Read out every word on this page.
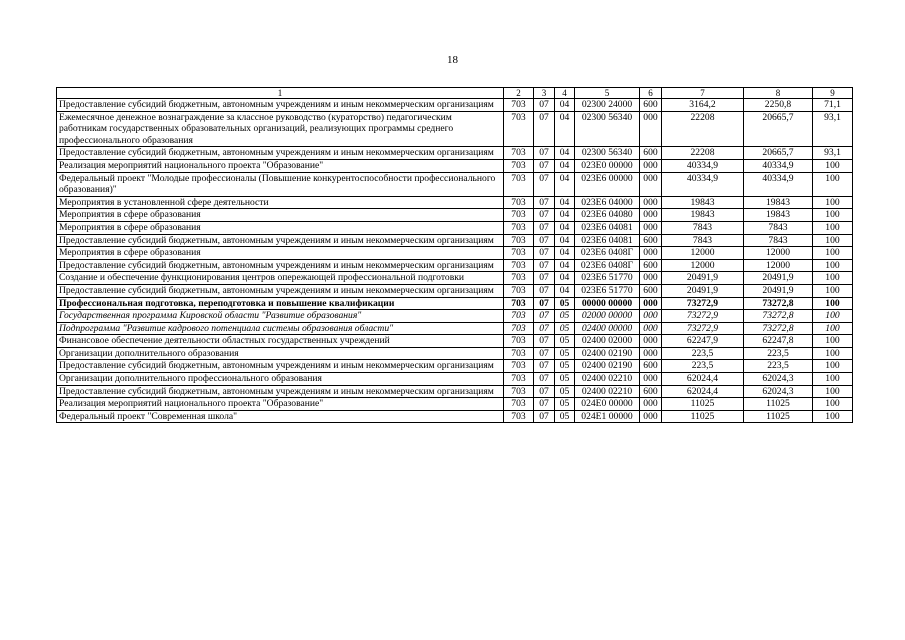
18
1	2	3	4	5	6	7	8	9
Предоставление субсидий бюджетным, автономным учреждениям и иным некоммерческим организациям	703	07	04	02300 24000	600	3164,2	2250,8	71,1
Ежемесячное денежное вознаграждение за классное руководство (кураторство) педагогическим работникам государственных образовательных организаций, реализующих программы среднего профессионального образования	703	07	04	02300 56340	000	22208	20665,7	93,1
Предоставление субсидий бюджетным, автономным учреждениям и иным некоммерческим организациям	703	07	04	02300 56340	600	22208	20665,7	93,1
Реализация мероприятий национального проекта "Образование"	703	07	04	023E0 00000	000	40334,9	40334,9	100
Федеральный проект "Молодые профессионалы (Повышение конкурентоспособности профессионального образования)"	703	07	04	023E6 00000	000	40334,9	40334,9	100
Мероприятия в установленной сфере деятельности	703	07	04	023E6 04000	000	19843	19843	100
Мероприятия в сфере образования	703	07	04	023E6 04080	000	19843	19843	100
Мероприятия в сфере образования	703	07	04	023E6 04081	000	7843	7843	100
Предоставление субсидий бюджетным, автономным учреждениям и иным некоммерческим организациям	703	07	04	023E6 04081	600	7843	7843	100
Мероприятия в сфере образования	703	07	04	023E6 0408Г	000	12000	12000	100
Предоставление субсидий бюджетным, автономным учреждениям и иным некоммерческим организациям	703	07	04	023E6 0408Г	600	12000	12000	100
Создание и обеспечение функционирования центров опережающей профессиональной подготовки	703	07	04	023E6 51770	000	20491,9	20491,9	100
Предоставление субсидий бюджетным, автономным учреждениям и иным некоммерческим организациям	703	07	04	023E6 51770	600	20491,9	20491,9	100
Профессиональная подготовка, переподготовка и повышение квалификации	703	07	05	00000 00000	000	73272,9	73272,8	100
Государственная программа Кировской области "Развитие образования"	703	07	05	02000 00000	000	73272,9	73272,8	100
Подпрограмма "Развитие кадрового потенциала системы образования области"	703	07	05	02400 00000	000	73272,9	73272,8	100
Финансовое обеспечение деятельности областных государственных учреждений	703	07	05	02400 02000	000	62247,9	62247,8	100
Организации дополнительного образования	703	07	05	02400 02190	000	223,5	223,5	100
Предоставление субсидий бюджетным, автономным учреждениям и иным некоммерческим организациям	703	07	05	02400 02190	600	223,5	223,5	100
Организации дополнительного профессионального образования	703	07	05	02400 02210	000	62024,4	62024,3	100
Предоставление субсидий бюджетным, автономным учреждениям и иным некоммерческим организациям	703	07	05	02400 02210	600	62024,4	62024,3	100
Реализация мероприятий национального проекта "Образование"	703	07	05	024E0 00000	000	11025	11025	100
Федеральный проект "Современная школа"	703	07	05	024E1 00000	000	11025	11025	100
